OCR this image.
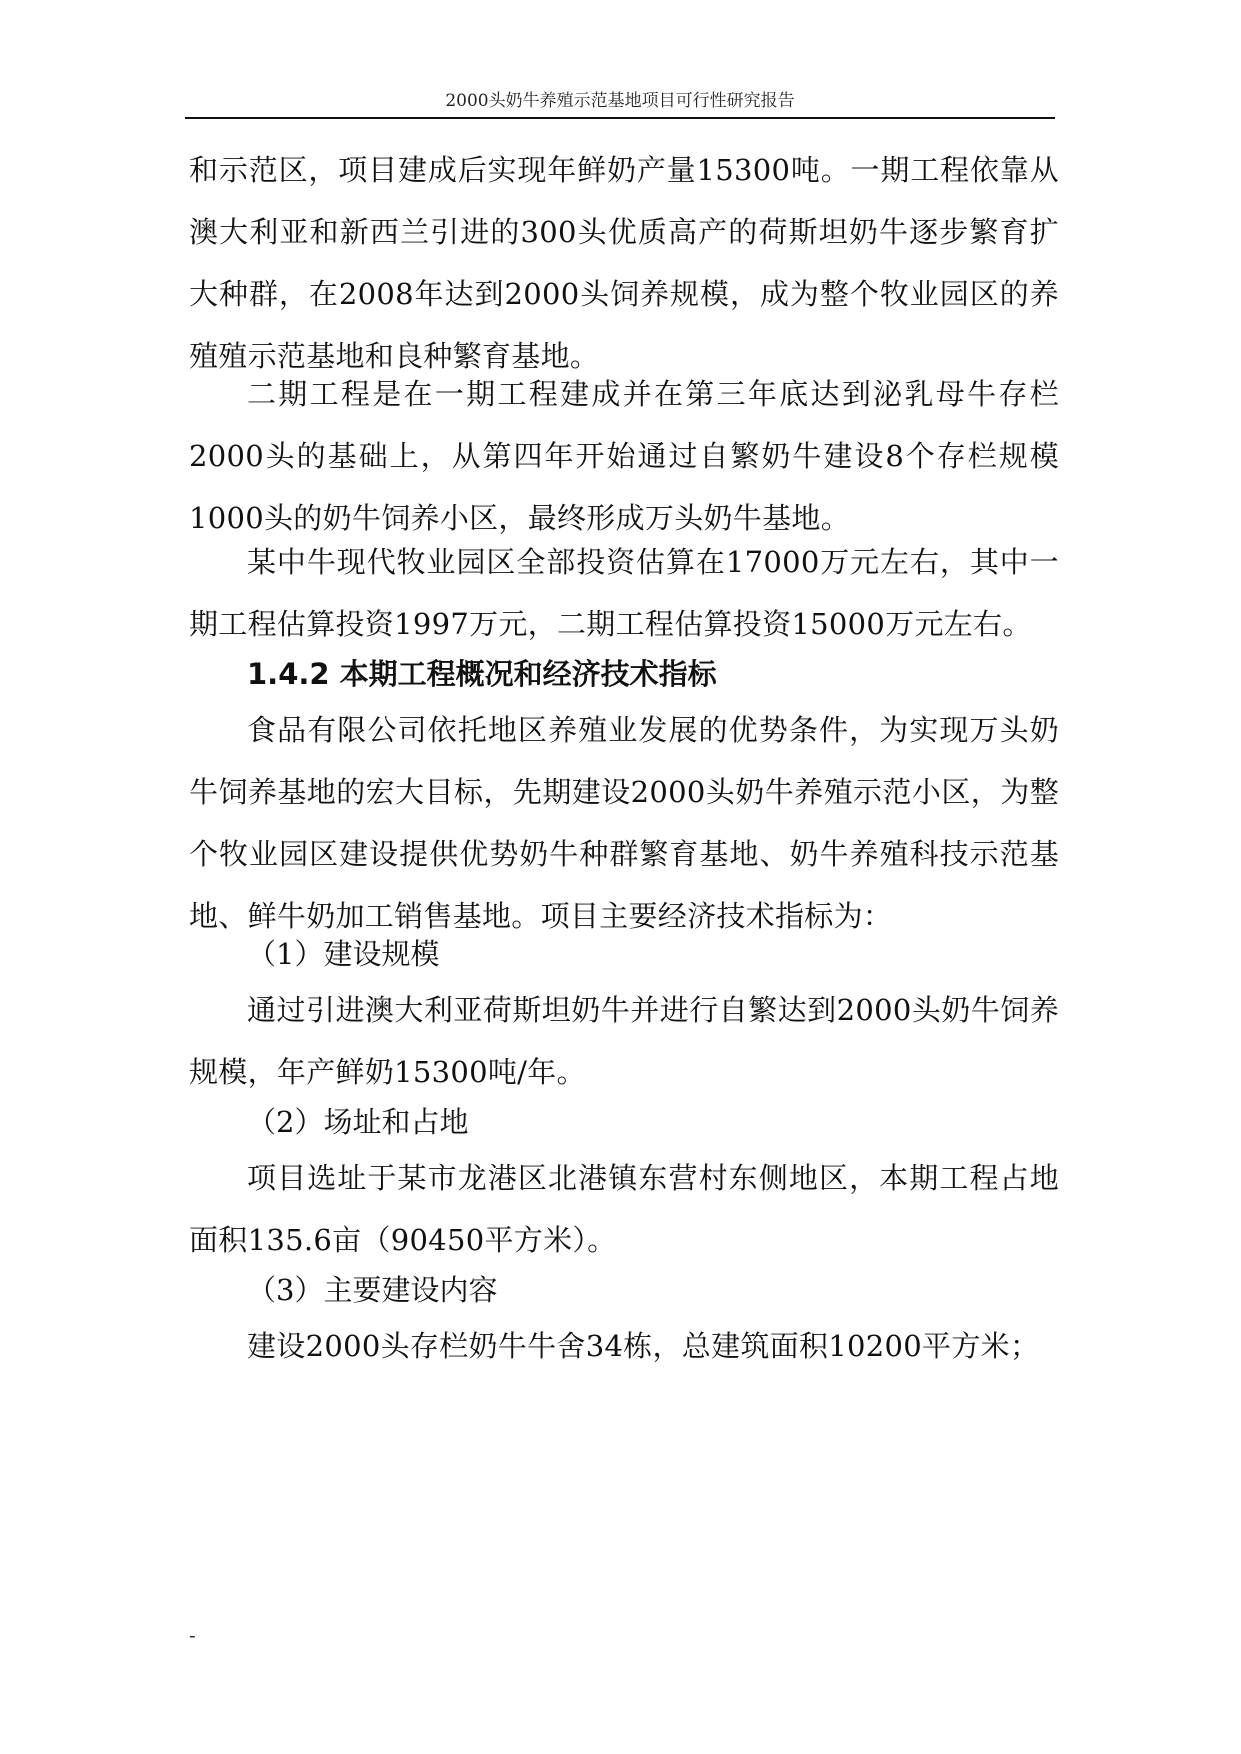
2000头奶牛养殖示范基地项目可行性研究报告

和示范区，项目建成后实现年鲜奶产量15300吨。一期工程依靠从澳大利亚和新西兰引进的300头优质高产的荷斯坦奶牛逐步繁育扩大种群，在2008年达到2000头饲养规模，成为整个牧业园区的养殖殖示范基地和良种繁育基地。

二期工程是在一期工程建成并在第三年底达到泌乳母牛存栏2000头的基础上，从第四年开始通过自繁奶牛建设8个存栏规模1000头的奶牛饲养小区，最终形成万头奶牛基地。

某中牛现代牧业园区全部投资估算在17000万元左右，其中一期工程估算投资1997万元，二期工程估算投资15000万元左右。

1.4.2 本期工程概况和经济技术指标

食品有限公司依托地区养殖业发展的优势条件，为实现万头奶牛饲养基地的宏大目标，先期建设2000头奶牛养殖示范小区，为整个牧业园区建设提供优势奶牛种群繁育基地、奶牛养殖科技示范基地、鲜牛奶加工销售基地。项目主要经济技术指标为：

（1）建设规模

通过引进澳大利亚荷斯坦奶牛并进行自繁达到2000头奶牛饲养规模，年产鲜奶15300吨/年。

（2）场址和占地

项目选址于某市龙港区北港镇东营村东侧地区，本期工程占地面积135.6亩（90450平方米）。

（3）主要建设内容

建设2000头存栏奶牛牛舍34栋，总建筑面积10200平方米；

-
